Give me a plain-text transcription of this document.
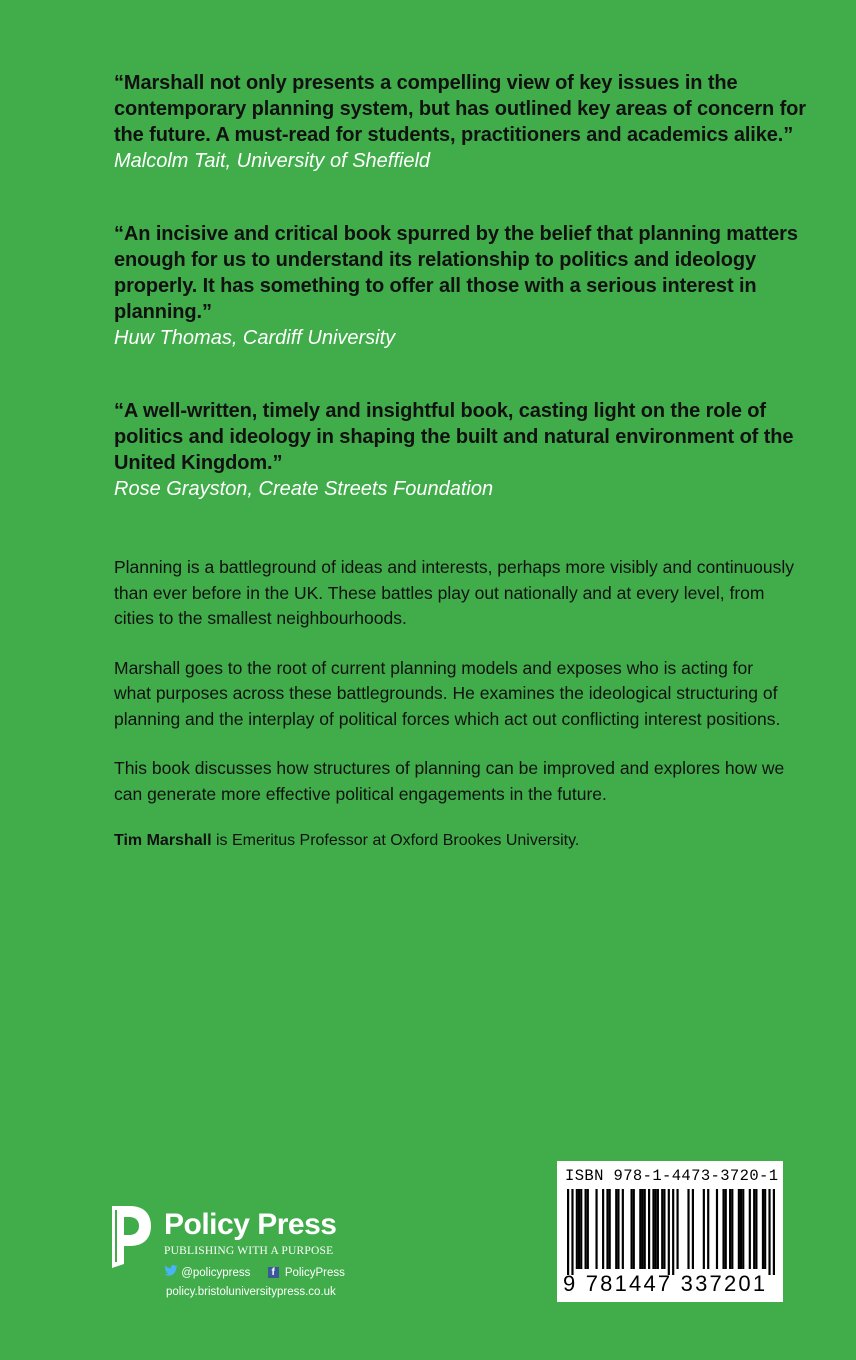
“Marshall not only presents a compelling view of key issues in the contemporary planning system, but has outlined key areas of concern for the future. A must-read for students, practitioners and academics alike.”

Malcolm Tait, University of Sheffield

“An incisive and critical book spurred by the belief that planning matters enough for us to understand its relationship to politics and ideology properly. It has something to offer all those with a serious interest in planning.”

Huw Thomas, Cardiff University

“A well-written, timely and insightful book, casting light on the role of politics and ideology in shaping the built and natural environment of the United Kingdom.”

Rose Grayston, Create Streets Foundation

Planning is a battleground of ideas and interests, perhaps more visibly and continuously than ever before in the UK. These battles play out nationally and at every level, from cities to the smallest neighbourhoods.

Marshall goes to the root of current planning models and exposes who is acting for what purposes across these battlegrounds. He examines the ideological structuring of planning and the interplay of political forces which act out conflicting interest positions.

This book discusses how structures of planning can be improved and explores how we can generate more effective political engagements in the future.

Tim Marshall is Emeritus Professor at Oxford Brookes University.

Policy Press
PUBLISHING WITH A PURPOSE
@policypress f PolicyPress
policy.bristoluniversitypress.co.uk
ISBN 978-1-4473-3720-1
9 781447 337201
